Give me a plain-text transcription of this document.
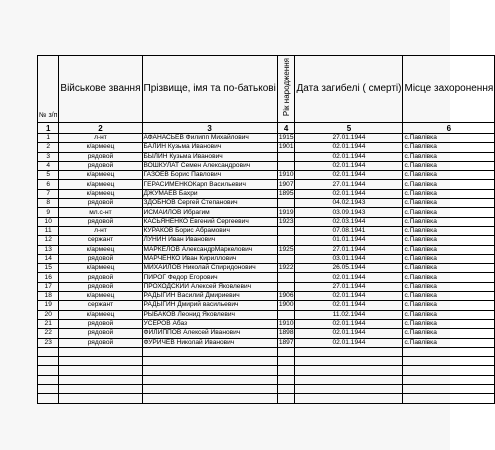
№ з/п	Військове звання	Прізвище, імя та по-батькові	Рік народження	Дата загибелі ( смерті)	Місце захоронення
1	2	3	4	5	6
1	л-нт	АФАНАСЬЕВ Филипп Михайлович	1915	27.01.1944	с.Павлівка
2	к/армеец	БАЛИН Кузьма Иванович	1901	02.01.1944	с.Павлівка
3	рядовой	БЫЛИН Кузьма Иванович		02.01.1944	с.Павлівка
4	рядовой	ВОШКУЛАТ Семен Александрович		02.01.1944	с.Павлівка
5	к/армеец	ГАЗОЕВ Борис Павлович	1910	02.01.1944	с.Павлівка
6	к/армеец	ГЕРАСИМЕНКОКарп Васильевич	1907	27.01.1944	с.Павлівка
7	к/армеец	ДЖУМАЕВ Бахри	1895	02.01.1944	с.Павлівка
8	рядовой	ЗДОБНОВ Сергей Степанович		04.02.1943	с.Павлівка
9	мл.с-нт	ИСМАИЛОВ Ибрагим	1919	03.09.1943	с.Павлівка
10	рядовой	КАСЬЯНЕНКО Евгений Сергеевич	1923	02.03.1944	с.Павлівка
11	л-нт	КУРАКОВ Борис Абрамович		07.08.1941	с.Павлівка
12	сержант	ЛУНИН Иван Иванович		01.01.1944	с.Павлівка
13	к/армеец	МАРКЕЛОВ АлександрМаркелович	1925	27.01.1944	с.Павлівка
14	рядовой	МАРЧЕНКО Иван Кириллович		03.01.1944	с.Павлівка
15	к/армеец	МИХАЙЛОВ Николай Спиридонович	1922	26.05.1944	с.Павлівка
16	рядовой	ПИРОГ Федор Егорович		02.01.1944	с.Павлівка
17	рядовой	ПРОХОДСКИЙ Алексей Яковлевич		27.01.1944	с.Павлівка
18	к/армеец	РАДЫГИН Василий Дмириевич	1906	02.01.1944	с.Павлівка
19	сержант	РАДЫГИН Дмирий васильевич	1900	02.01.1944	с.Павлівка
20	к/армеец	РЫБАКОВ Леонид Яковлевич		11.02.1944	с.Павлівка
21	рядовой	УСЕРОВ Абаз	1910	02.01.1944	с.Павлівка
22	рядовой	ФИЛИППОВ Алексей Иванович	1898	02.01.1944	с.Павлівка
23	рядовой	ФУРИЧЕВ Николай Иванович	1897	02.01.1944	с.Павлівка
